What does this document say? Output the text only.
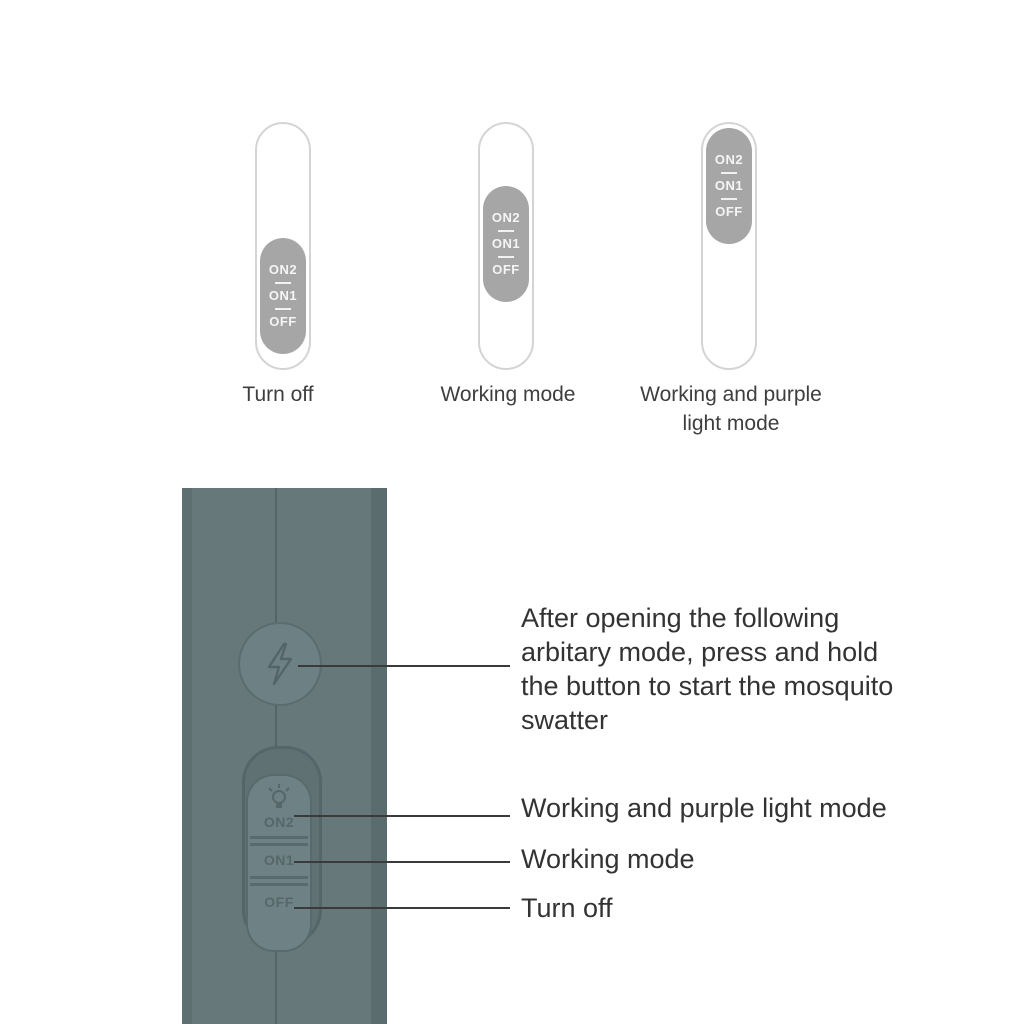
ON2
ON1
OFF
Turn off
ON2
ON1
OFF
Working mode
ON2
ON1
OFF
Working and purple light mode
ON2
ON1
OFF
After opening the following arbitary mode, press and hold the button to start the mosquito swatter
Working and purple light mode
Working mode
Turn off
